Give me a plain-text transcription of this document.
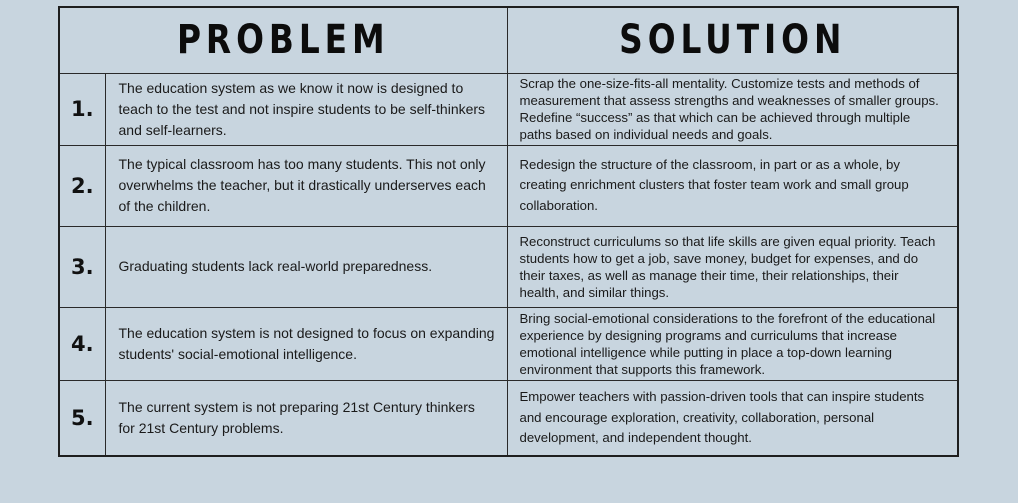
PROBLEM		SOLUTION

1.	The education system as we know it now is designed to teach to the test and not inspire students to be self-thinkers and self-learners.	Scrap the one-size-fits-all mentality. Customize tests and methods of measurement that assess strengths and weaknesses of smaller groups. Redefine “success” as that which can be achieved through multiple paths based on individual needs and goals.
2.	The typical classroom has too many students. This not only overwhelms the teacher, but it drastically underserves each of the children.	Redesign the structure of the classroom, in part or as a whole, by creating enrichment clusters that foster team work and small group collaboration.
3.	Graduating students lack real-world preparedness.	Reconstruct curriculums so that life skills are given equal priority. Teach students how to get a job, save money, budget for expenses, and do their taxes, as well as manage their time, their relationships, their health, and similar things.
4.	The education system is not designed to focus on expanding students' social-emotional intelligence.	Bring social-emotional considerations to the forefront of the educational experience by designing programs and curriculums that increase emotional intelligence while putting in place a top-down learning environment that supports this framework.
5.	The current system is not preparing 21st Century thinkers for 21st Century problems.	Empower teachers with passion-driven tools that can inspire students and encourage exploration, creativity, collaboration, personal development, and independent thought.
